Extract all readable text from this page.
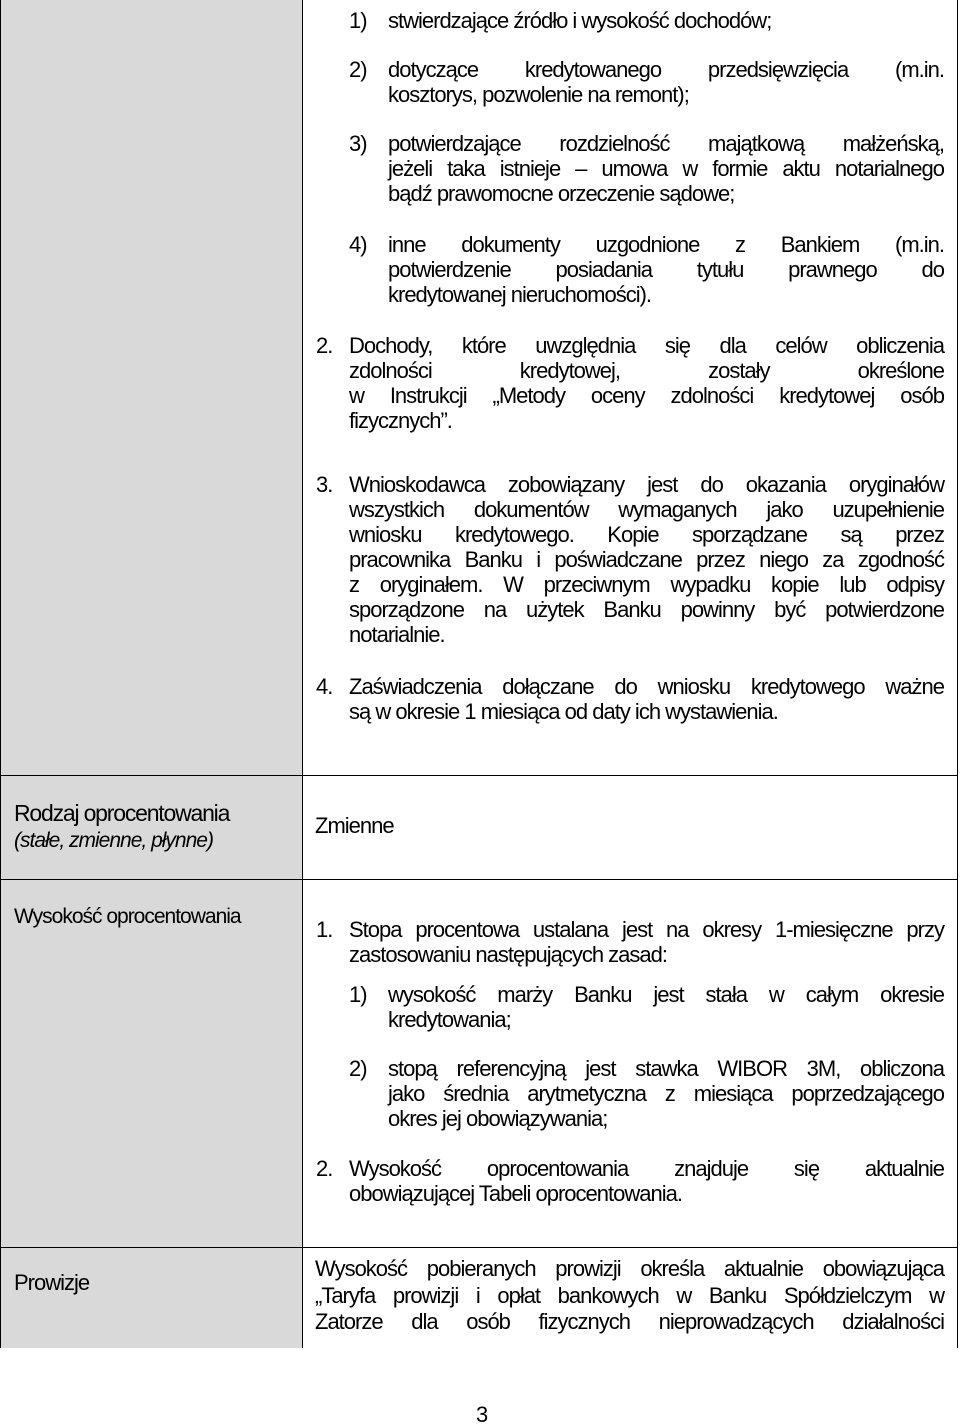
1) stwierdzające źródło i wysokość dochodów;
2) dotyczące kredytowanego przedsięwzięcia (m.in.
kosztorys, pozwolenie na remont);
3) potwierdzające rozdzielność majątkową małżeńską,
jeżeli taka istnieje – umowa w formie aktu notarialnego
bądź prawomocne orzeczenie sądowe;
4) inne dokumenty uzgodnione z Bankiem (m.in.
potwierdzenie posiadania tytułu prawnego do
kredytowanej nieruchomości).
2. Dochody, które uwzględnia się dla celów obliczenia
zdolności kredytowej, zostały określone
w Instrukcji „Metody oceny zdolności kredytowej osób
fizycznych”.
3. Wnioskodawca zobowiązany jest do okazania oryginałów
wszystkich dokumentów wymaganych jako uzupełnienie
wniosku kredytowego. Kopie sporządzane są przez
pracownika Banku i poświadczane przez niego za zgodność
z oryginałem. W przeciwnym wypadku kopie lub odpisy
sporządzone na użytek Banku powinny być potwierdzone
notarialnie.
4. Zaświadczenia dołączane do wniosku kredytowego ważne
są w okresie 1 miesiąca od daty ich wystawienia.
Rodzaj oprocentowania
(stałe, zmienne, płynne)
Zmienne
Wysokość oprocentowania
1. Stopa procentowa ustalana jest na okresy 1-miesięczne przy
zastosowaniu następujących zasad:
1) wysokość marży Banku jest stała w całym okresie
kredytowania;
2) stopą referencyjną jest stawka WIBOR 3M, obliczona
jako średnia arytmetyczna z miesiąca poprzedzającego
okres jej obowiązywania;
2. Wysokość oprocentowania znajduje się aktualnie
obowiązującej Tabeli oprocentowania.
Prowizje
Wysokość pobieranych prowizji określa aktualnie obowiązująca
„Taryfa prowizji i opłat bankowych w Banku Spółdzielczym w
Zatorze dla osób fizycznych nieprowadzących działalności
3
